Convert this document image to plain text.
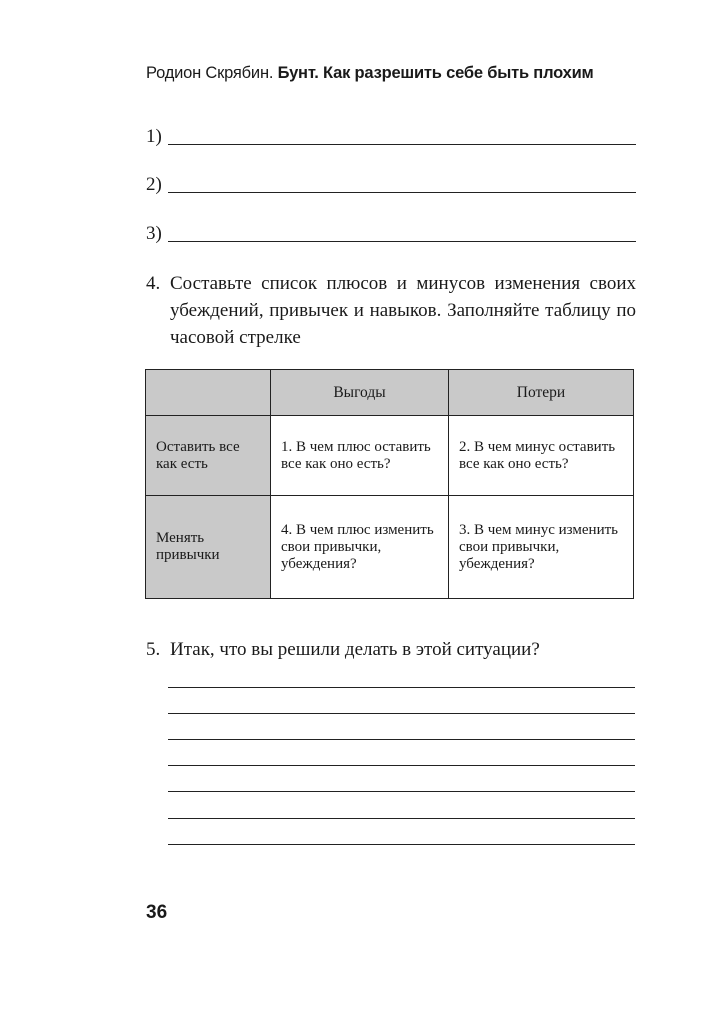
Родион Скрябин. Бунт. Как разрешить себе быть плохим
1)
2)
3)
4. Составьте список плюсов и минусов изменения своих убеждений, привычек и навыков. Заполняйте таблицу по часовой стрелке
	Выгоды	Потери
Оставить все как есть	1. В чем плюс оставить все как оно есть?	2. В чем минус оставить все как оно есть?
Менять привычки	4. В чем плюс изменить свои привычки, убеждения?	3. В чем минус изменить свои привычки, убеждения?
5. Итак, что вы решили делать в этой ситуации?
36
